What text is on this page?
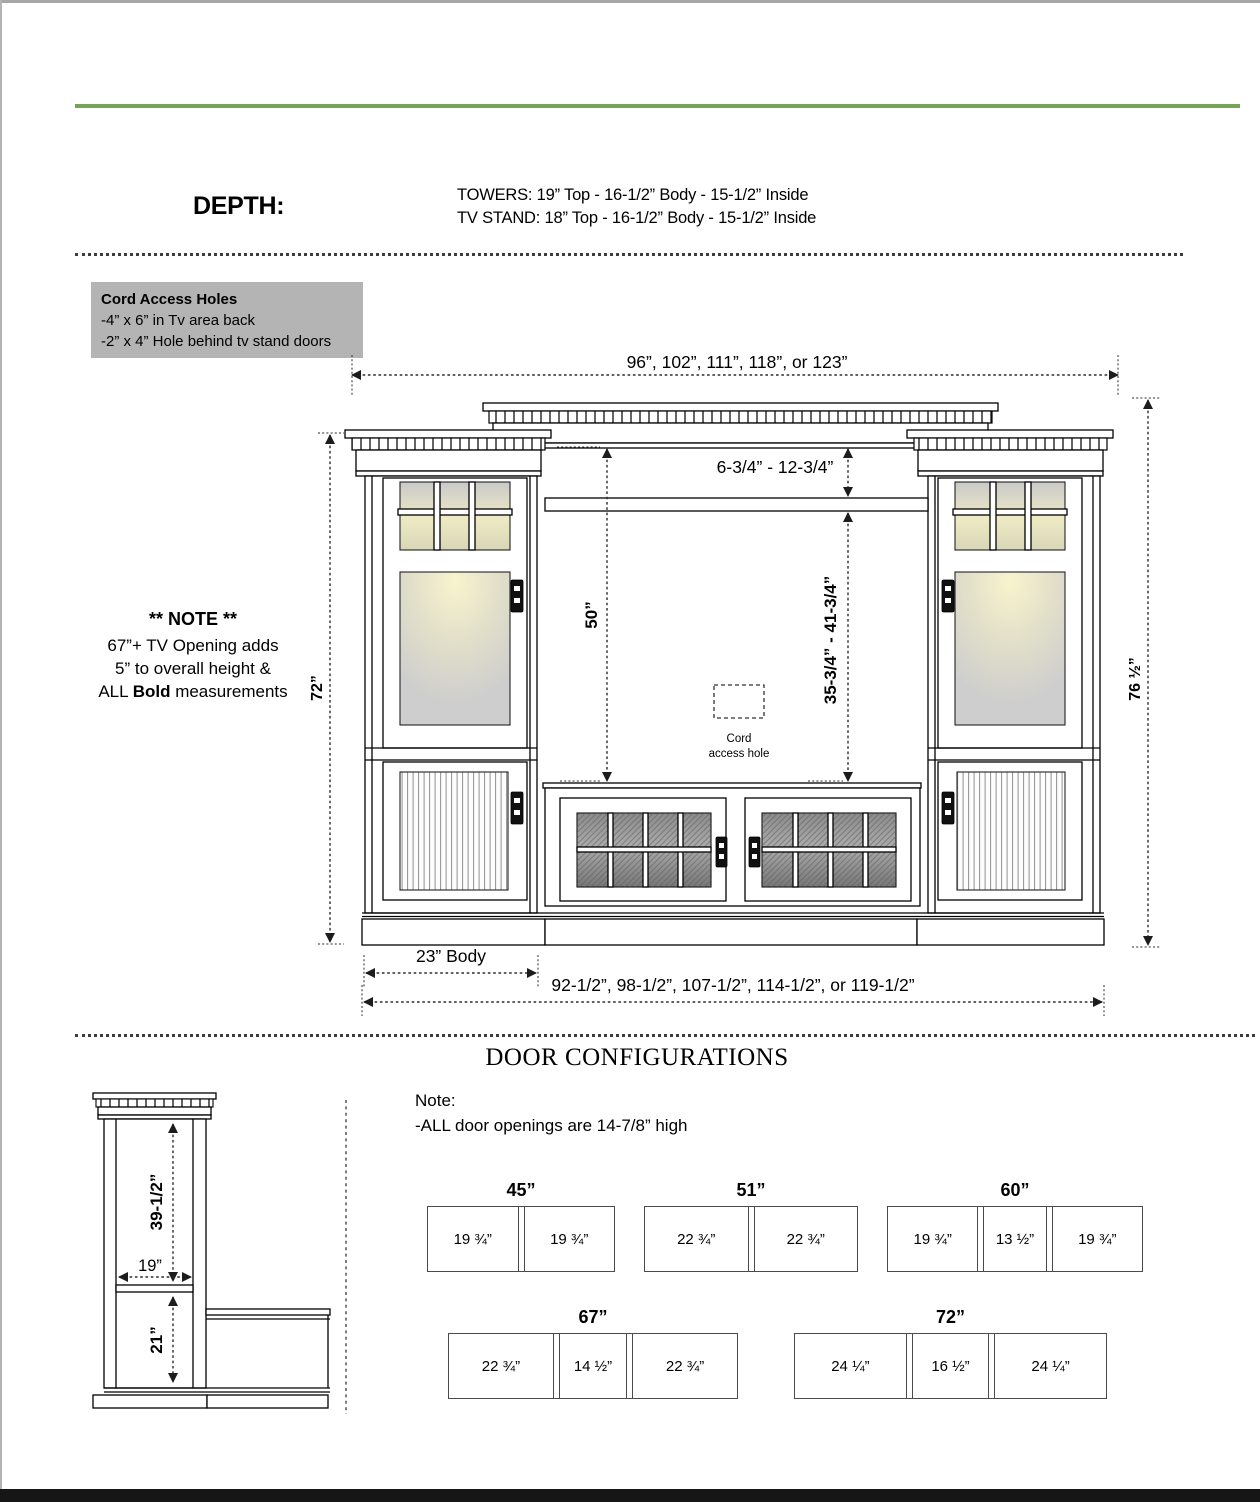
DEPTH:	TOWERS: 19” Top - 16-1/2” Body - 15-1/2” Inside
TV STAND: 18” Top - 16-1/2” Body - 15-1/2” Inside
Cord Access Holes
-4” x 6” in Tv area back
-2” x 4” Hole behind tv stand doors
** NOTE **
67”+ TV Opening adds
5” to overall height &
ALL Bold measurements
Cord
access hole
96”, 102”, 111”, 118”, or 123”
50”
6-3/4” - 12-3/4”
35-3/4” - 41-3/4”
72”	76 ½”
23” Body
92-1/2”, 98-1/2”, 107-1/2”, 114-1/2”, or 119-1/2”
DOOR CONFIGURATIONS
Note:
-ALL door openings are 14-7/8” high
39-1/2”
19”
21”
45”
19 ¾”	19 ¾”
51”
22 ¾”	22 ¾”
60”
19 ¾”	13 ½”	19 ¾”
67”
22 ¾”	14 ½”	22 ¾”
72”
24 ¼”	16 ½”	24 ¼”
